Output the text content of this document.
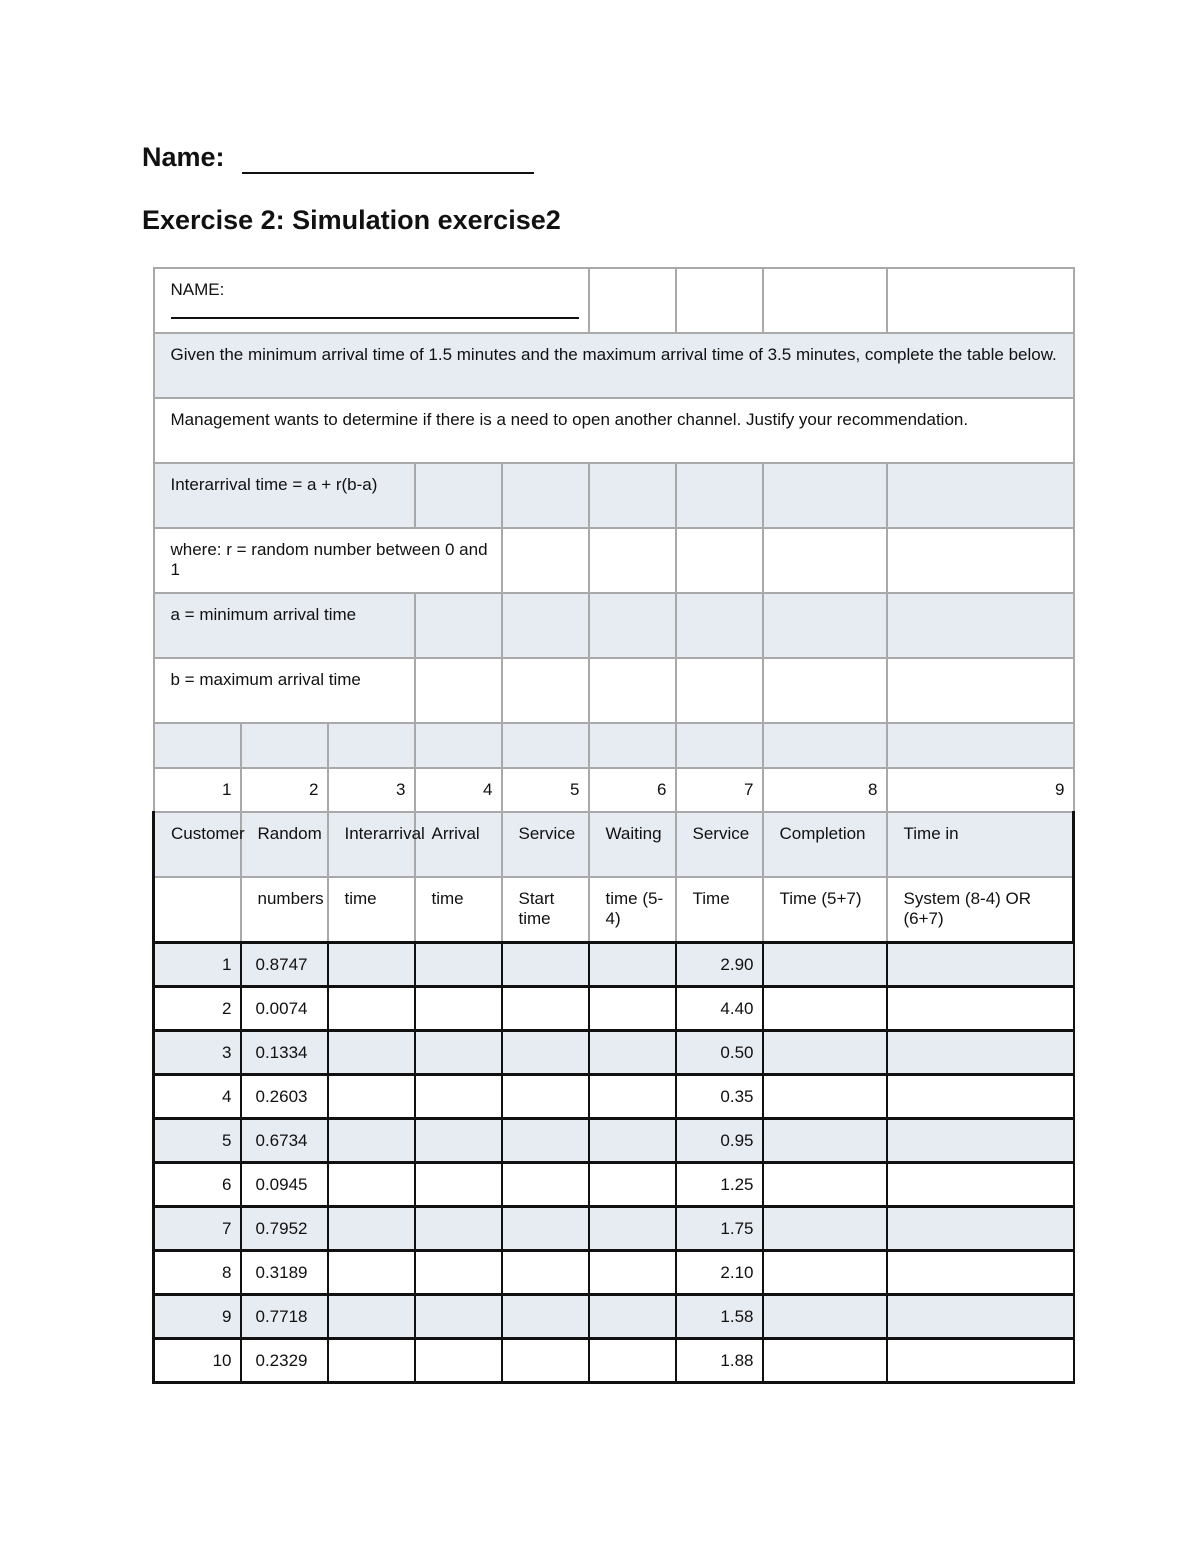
Name:
Exercise 2: Simulation exercise2
NAME:				

Given the minimum arrival time of 1.5 minutes and the maximum arrival time of 3.5 minutes, complete the table below.								
Management wants to determine if there is a need to open another channel. Justify your recommendation.								
Interarrival time = a + r(b-a)								
where: r = random number between 0 and 1								
a = minimum arrival time								
b = maximum arrival time								

1	2	3	4	5	6	7	8	9
Customer	Random	Interarrival	Arrival	Service	Waiting	Service	Completion	Time in
	numbers	time	time	Start time	time (5-4)	Time	Time (5+7)	System (8-4) OR (6+7)
1	0.8747					2.90		
2	0.0074					4.40		
3	0.1334					0.50		
4	0.2603					0.35		
5	0.6734					0.95		
6	0.0945					1.25		
7	0.7952					1.75		
8	0.3189					2.10		
9	0.7718					1.58		
10	0.2329					1.88		
